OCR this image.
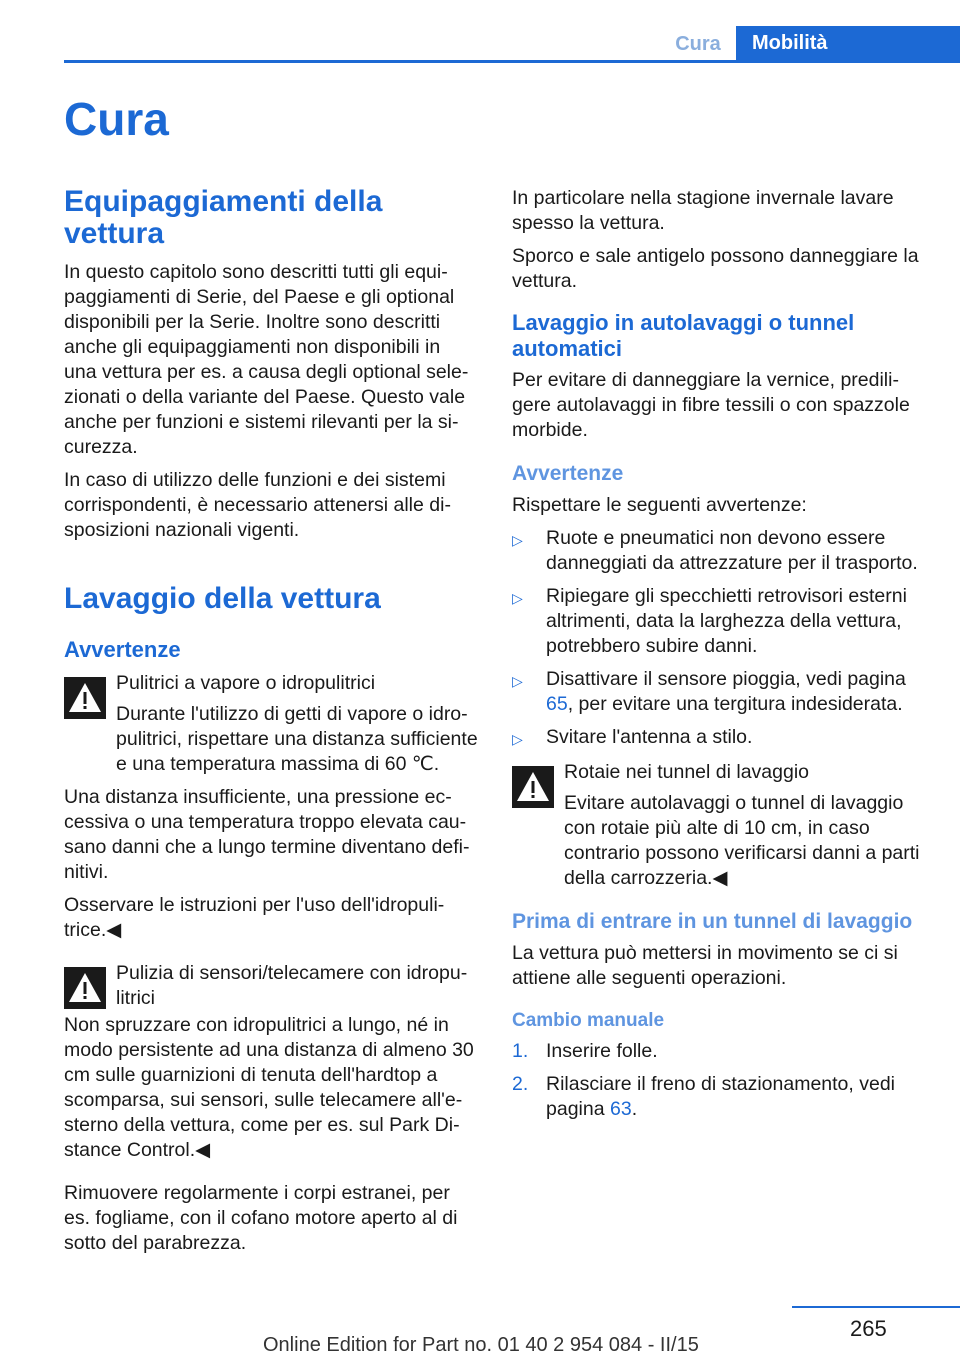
Cura	Mobilità
Cura
Equipaggiamenti della vettura

In questo capitolo sono descritti tutti gli equipaggiamenti di Serie, del Paese e gli optional disponibili per la Serie. Inoltre sono descritti anche gli equipaggiamenti non disponibili in una vettura per es. a causa degli optional selezionati o della variante del Paese. Questo vale anche per funzioni e sistemi rilevanti per la sicurezza.

In caso di utilizzo delle funzioni e dei sistemi corrispondenti, è necessario attenersi alle disposizioni nazionali vigenti.

Lavaggio della vettura
Avvertenze

Pulitrici a vapore o idropulitrici

Durante l'utilizzo di getti di vapore o idropulitrici, rispettare una distanza sufficiente e una temperatura massima di 60 ℃.

Una distanza insufficiente, una pressione eccessiva o una temperatura troppo elevata causano danni che a lungo termine diventano definitivi.

Osservare le istruzioni per l'uso dell'idropulitrice.◀

Pulizia di sensori/telecamere con idropulitrici

Non spruzzare con idropulitrici a lungo, né in modo persistente ad una distanza di almeno 30 cm sulle guarnizioni di tenuta dell'hardtop a scomparsa, sui sensori, sulle telecamere all'esterno della vettura, come per es. sul Park Distance Control.◀

Rimuovere regolarmente i corpi estranei, per es. fogliame, con il cofano motore aperto al di sotto del parabrezza.

In particolare nella stagione invernale lavare spesso la vettura.

Sporco e sale antigelo possono danneggiare la vettura.

Lavaggio in autolavaggi o tunnel automatici

Per evitare di danneggiare la vernice, prediligere autolavaggi in fibre tessili o con spazzole morbide.

Avvertenze

Rispettare le seguenti avvertenze:

▷ Ruote e pneumatici non devono essere danneggiati da attrezzature per il trasporto.
▷ Ripiegare gli specchietti retrovisori esterni altrimenti, data la larghezza della vettura, potrebbero subire danni.
▷ Disattivare il sensore pioggia, vedi pagina 65, per evitare una tergitura indesiderata.
▷ Svitare l'antenna a stilo.

Rotaie nei tunnel di lavaggio

Evitare autolavaggi o tunnel di lavaggio con rotaie più alte di 10 cm, in caso contrario possono verificarsi danni a parti della carrozzeria.◀

Prima di entrare in un tunnel di lavaggio

La vettura può mettersi in movimento se ci si attiene alle seguenti operazioni.

Cambio manuale
1. Inserire folle.
2. Rilasciare il freno di stazionamento, vedi pagina 63.
265
Online Edition for Part no. 01 40 2 954 084 - II/15
